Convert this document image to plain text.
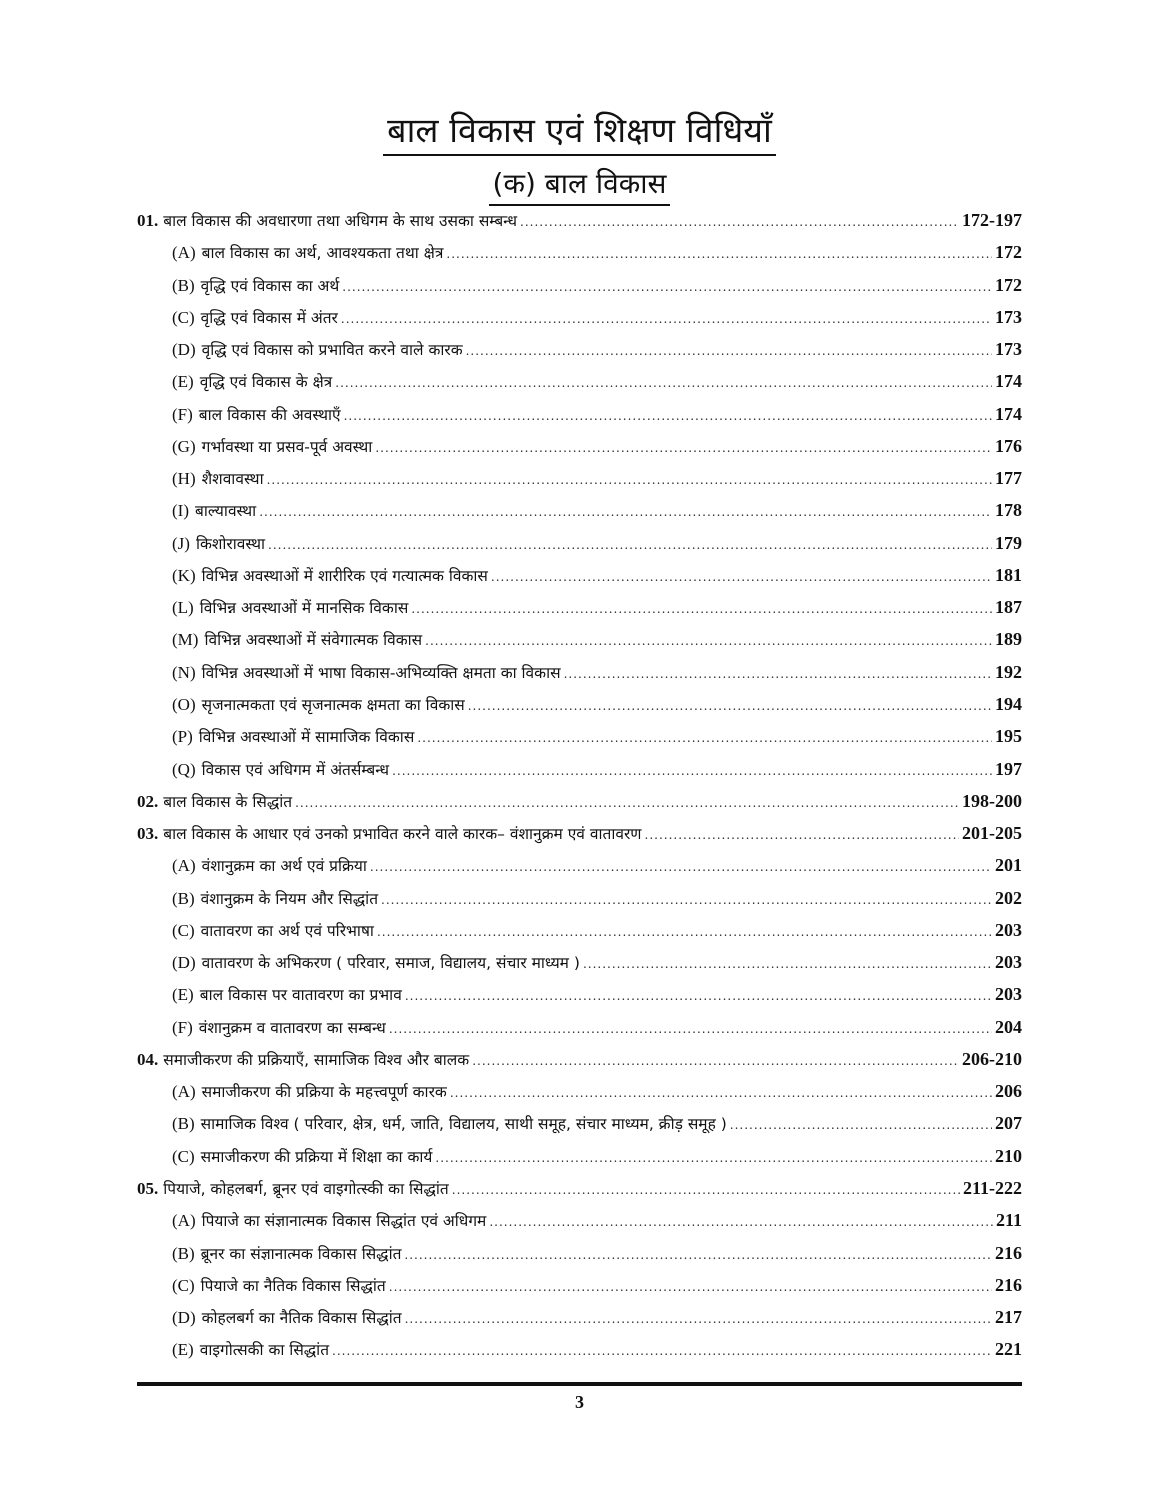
बाल विकास एवं शिक्षण विधियाँ
(क) बाल विकास
01. बाल विकास की अवधारणा तथा अधिगम के साथ उसका सम्बन्ध .....	172-197
(A) बाल विकास का अर्थ, आवश्यकता तथा क्षेत्र .....	172
(B) वृद्धि एवं विकास का अर्थ .....	172
(C) वृद्धि एवं विकास में अंतर .....	173
(D) वृद्धि एवं विकास को प्रभावित करने वाले कारक .....	173
(E) वृद्धि एवं विकास के क्षेत्र .....	174
(F) बाल विकास की अवस्थाएँ .....	174
(G) गर्भावस्था या प्रसव-पूर्व अवस्था .....	176
(H) शैशवावस्था .....	177
(I) बाल्यावस्था .....	178
(J) किशोरावस्था .....	179
(K) विभिन्न अवस्थाओं में शारीरिक एवं गत्यात्मक विकास .....	181
(L) विभिन्न अवस्थाओं में मानसिक विकास .....	187
(M) विभिन्न अवस्थाओं में संवेगात्मक विकास .....	189
(N) विभिन्न अवस्थाओं में भाषा विकास-अभिव्यक्ति क्षमता का विकास .....	192
(O) सृजनात्मकता एवं सृजनात्मक क्षमता का विकास .....	194
(P) विभिन्न अवस्थाओं में सामाजिक विकास .....	195
(Q) विकास एवं अधिगम में अंतर्सम्बन्ध .....	197
02. बाल विकास के सिद्धांत .....	198-200
03. बाल विकास के आधार एवं उनको प्रभावित करने वाले कारक– वंशानुक्रम एवं वातावरण .....	201-205
(A) वंशानुक्रम का अर्थ एवं प्रक्रिया .....	201
(B) वंशानुक्रम के नियम और सिद्धांत .....	202
(C) वातावरण का अर्थ एवं परिभाषा .....	203
(D) वातावरण के अभिकरण ( परिवार, समाज, विद्यालय, संचार माध्यम ) .....	203
(E) बाल विकास पर वातावरण का प्रभाव .....	203
(F) वंशानुक्रम व वातावरण का सम्बन्ध .....	204
04. समाजीकरण की प्रक्रियाएँ, सामाजिक विश्व और बालक .....	206-210
(A) समाजीकरण की प्रक्रिया के महत्त्वपूर्ण कारक .....	206
(B) सामाजिक विश्व ( परिवार, क्षेत्र, धर्म, जाति, विद्यालय, साथी समूह, संचार माध्यम, क्रीड़ समूह ) .....	207
(C) समाजीकरण की प्रक्रिया में शिक्षा का कार्य .....	210
05. पियाजे, कोहलबर्ग, ब्रूनर एवं वाइगोत्स्की का सिद्धांत .....	211-222
(A) पियाजे का संज्ञानात्मक विकास सिद्धांत एवं अधिगम .....	211
(B) ब्रूनर का संज्ञानात्मक विकास सिद्धांत .....	216
(C) पियाजे का नैतिक विकास सिद्धांत .....	216
(D) कोहलबर्ग का नैतिक विकास सिद्धांत .....	217
(E) वाइगोत्सकी का सिद्धांत .....	221
3
